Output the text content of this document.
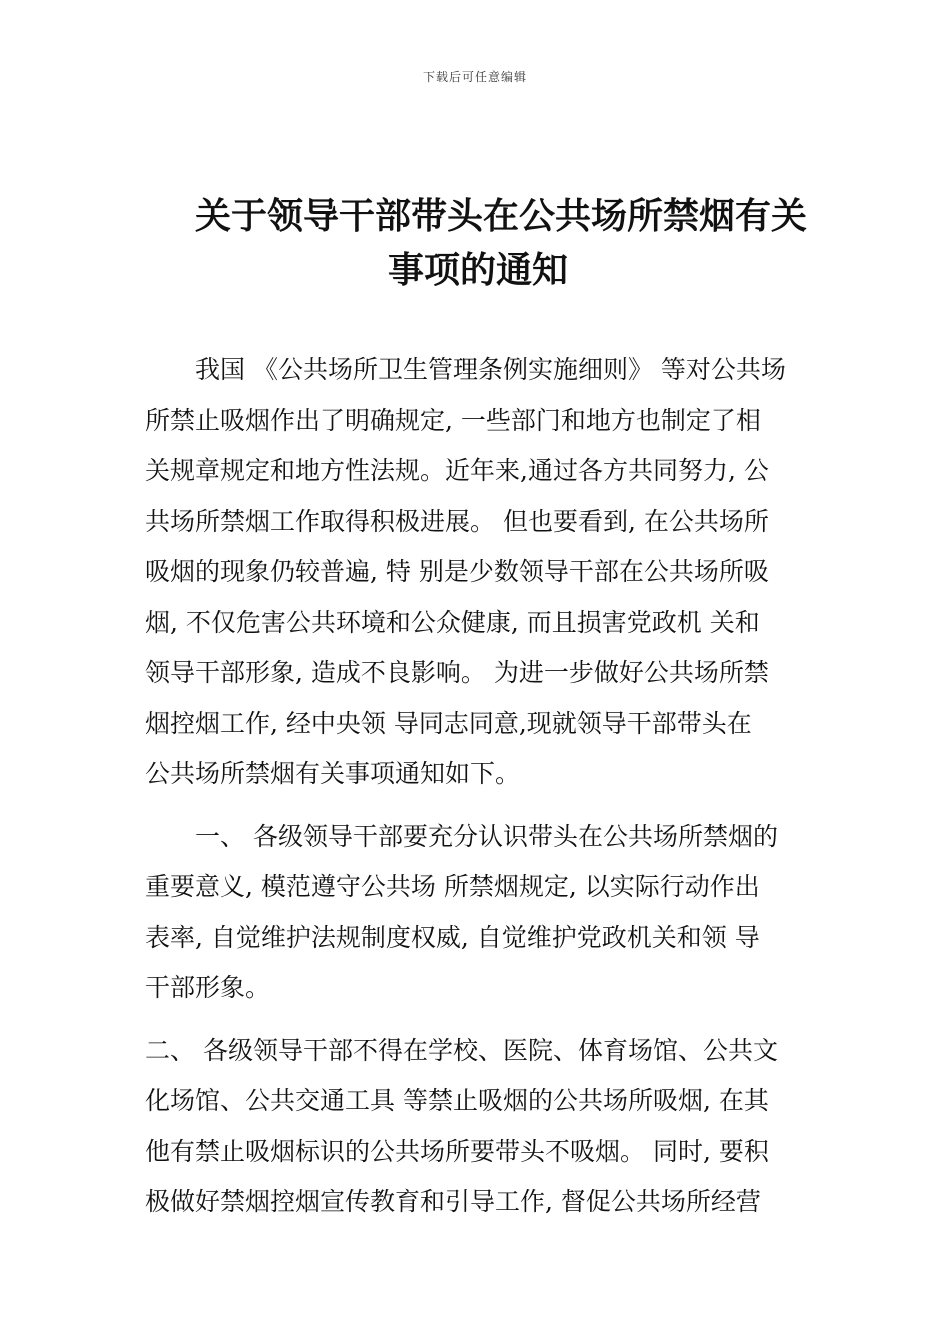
下载后可任意编辑
关于领导干部带头在公共场所禁烟有关
事项的通知
　　我国 《公共场所卫生管理条例实施细则》 等对公共场
所禁止吸烟作出了明确规定, 一些部门和地方也制定了相
关规章规定和地方性法规。近年来,通过各方共同努力, 公
共场所禁烟工作取得积极进展。 但也要看到, 在公共场所
吸烟的现象仍较普遍, 特 别是少数领导干部在公共场所吸
烟, 不仅危害公共环境和公众健康, 而且损害党政机 关和
领导干部形象, 造成不良影响。 为进一步做好公共场所禁
烟控烟工作, 经中央领 导同志同意,现就领导干部带头在
公共场所禁烟有关事项通知如下。
　　一、 各级领导干部要充分认识带头在公共场所禁烟的
重要意义, 模范遵守公共场 所禁烟规定, 以实际行动作出
表率, 自觉维护法规制度权威, 自觉维护党政机关和领 导
干部形象。
二、 各级领导干部不得在学校、医院、体育场馆、公共文
化场馆、公共交通工具 等禁止吸烟的公共场所吸烟, 在其
他有禁止吸烟标识的公共场所要带头不吸烟。 同时, 要积
极做好禁烟控烟宣传教育和引导工作, 督促公共场所经营
